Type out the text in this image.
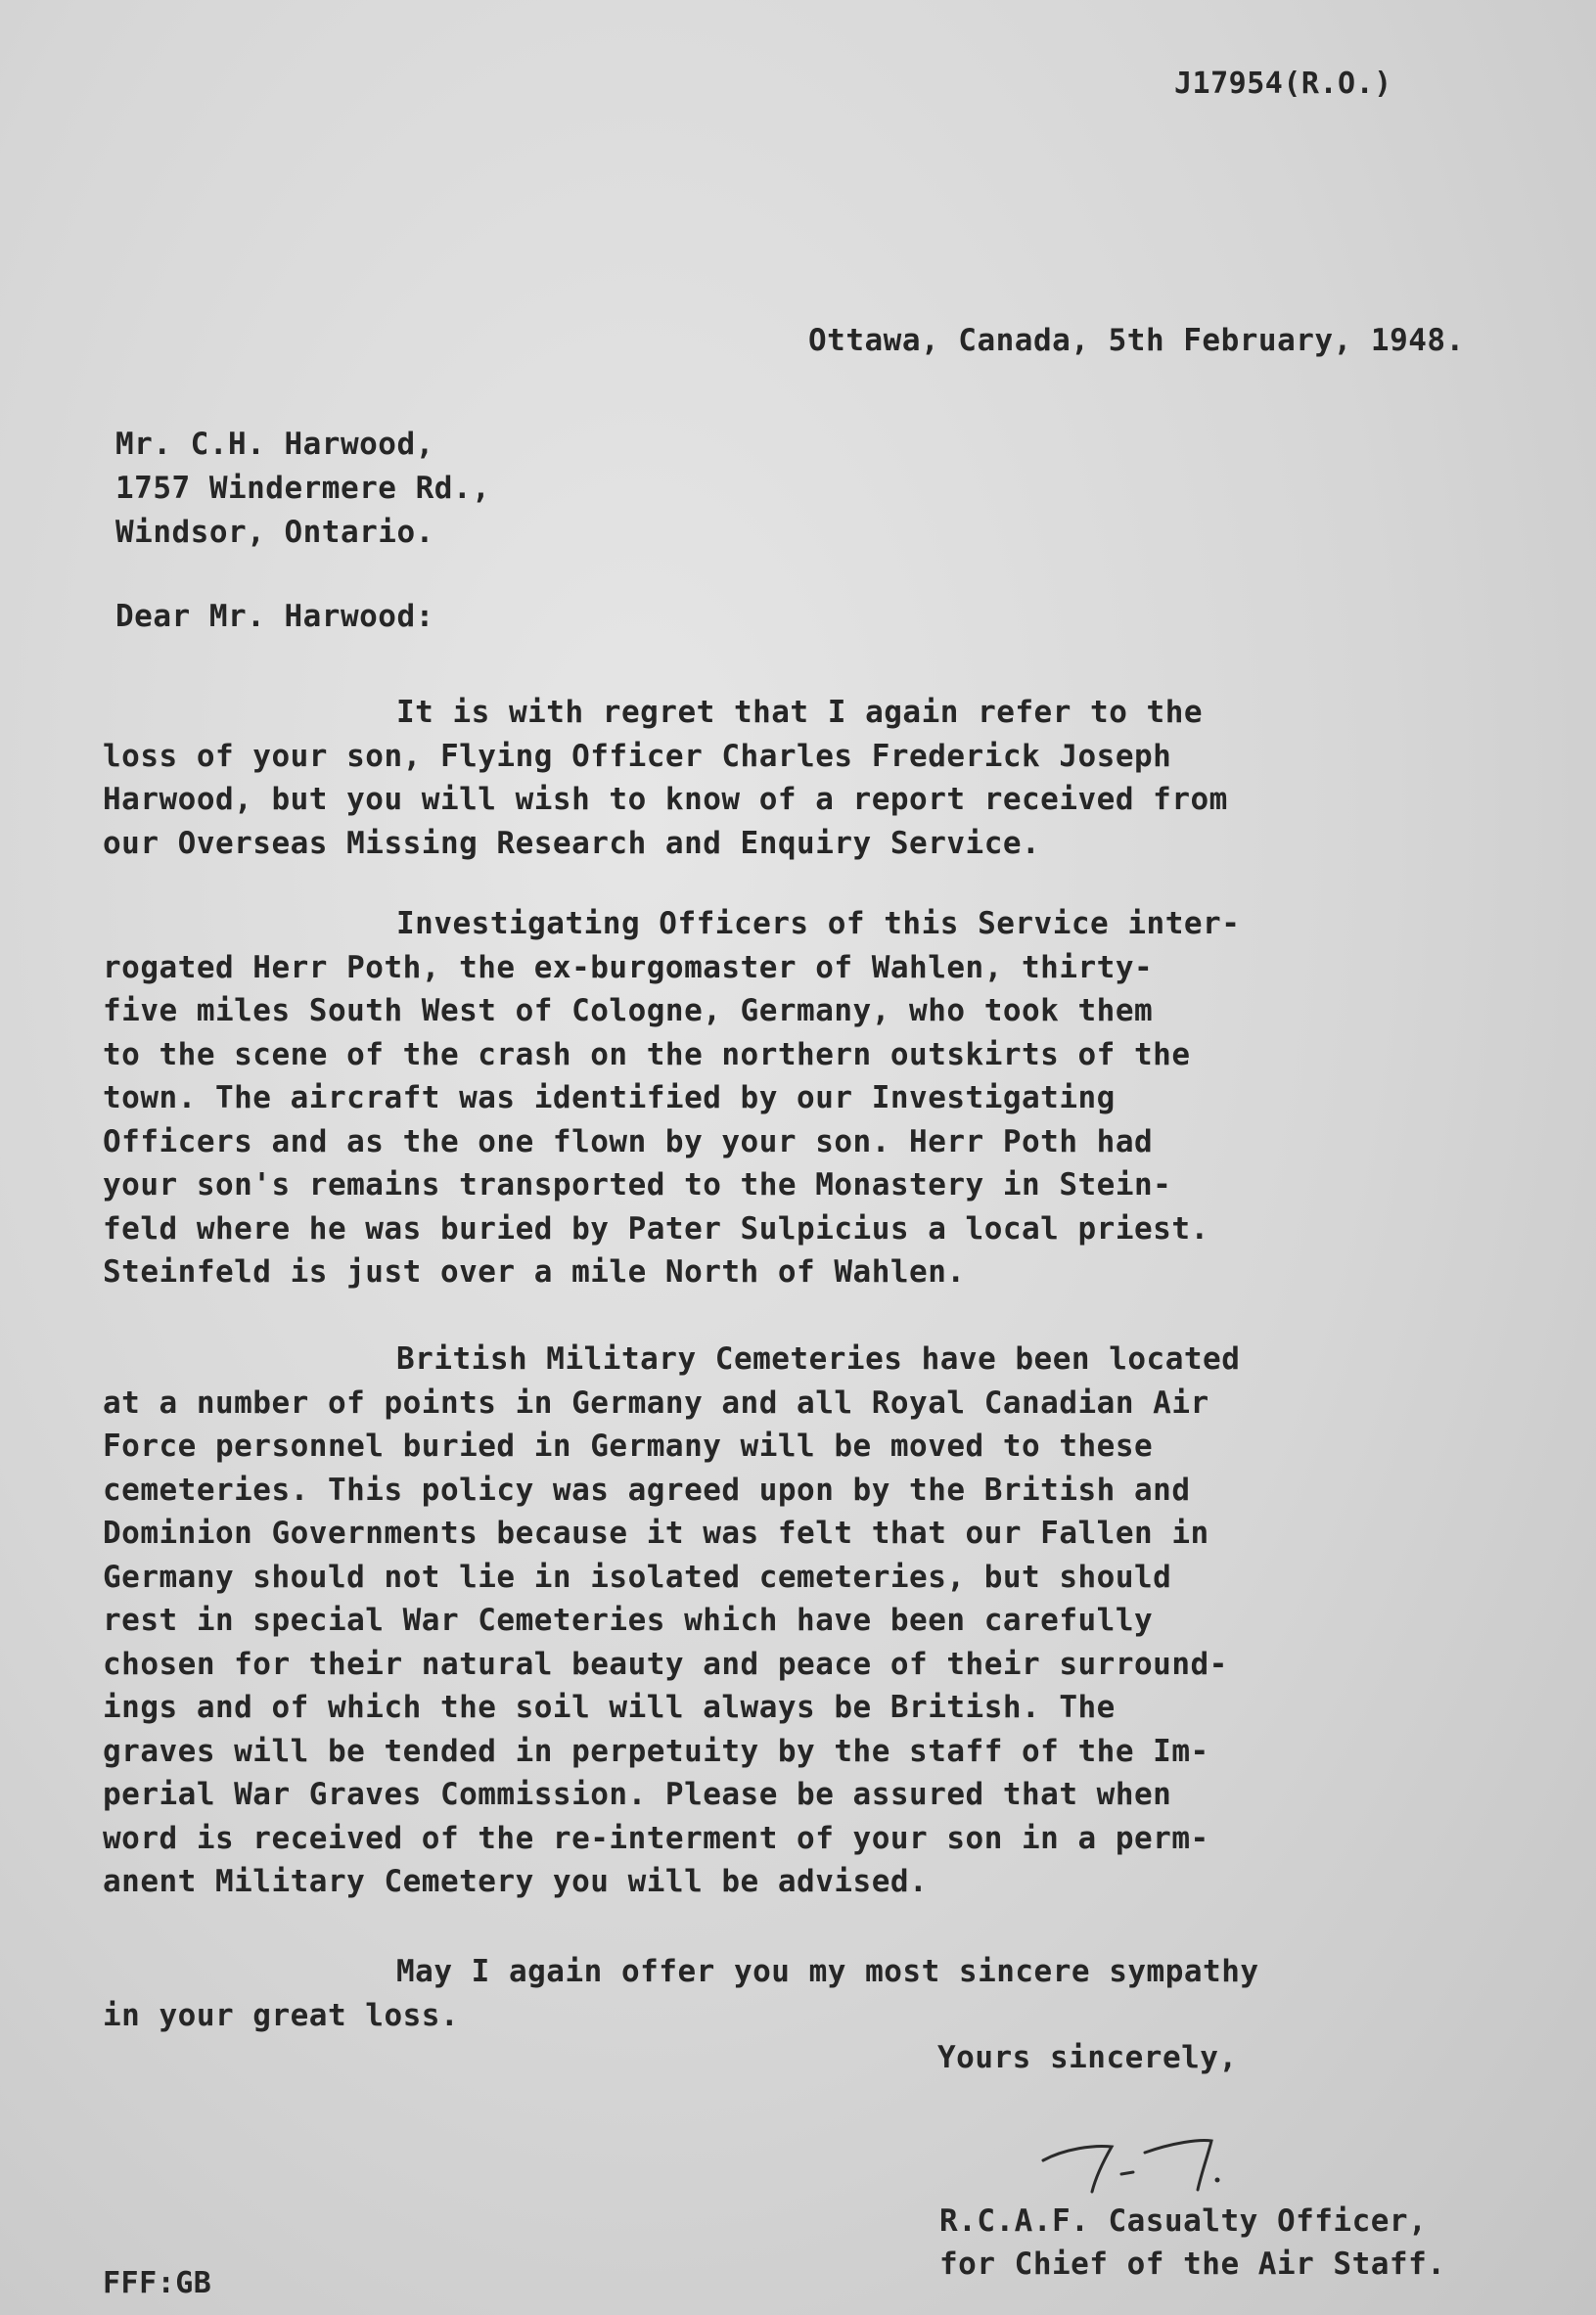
J17954(R.O.)
Ottawa, Canada, 5th February, 1948.
Mr. C.H. Harwood,
1757 Windermere Rd.,
Windsor, Ontario.
Dear Mr. Harwood:
It is with regret that I again refer to the
loss of your son, Flying Officer Charles Frederick Joseph
Harwood, but you will wish to know of a report received from
our Overseas Missing Research and Enquiry Service.
Investigating Officers of this Service inter-
rogated Herr Poth, the ex-burgomaster of Wahlen, thirty-
five miles South West of Cologne, Germany, who took them
to the scene of the crash on the northern outskirts of the
town. The aircraft was identified by our Investigating
Officers and as the one flown by your son. Herr Poth had
your son's remains transported to the Monastery in Stein-
feld where he was buried by Pater Sulpicius a local priest.
Steinfeld is just over a mile North of Wahlen.
British Military Cemeteries have been located
at a number of points in Germany and all Royal Canadian Air
Force personnel buried in Germany will be moved to these
cemeteries. This policy was agreed upon by the British and
Dominion Governments because it was felt that our Fallen in
Germany should not lie in isolated cemeteries, but should
rest in special War Cemeteries which have been carefully
chosen for their natural beauty and peace of their surround-
ings and of which the soil will always be British. The
graves will be tended in perpetuity by the staff of the Im-
perial War Graves Commission. Please be assured that when
word is received of the re-interment of your son in a perm-
anent Military Cemetery you will be advised.
May I again offer you my most sincere sympathy
in your great loss.
Yours sincerely,
R.C.A.F. Casualty Officer,
for Chief of the Air Staff.
FFF:GB
